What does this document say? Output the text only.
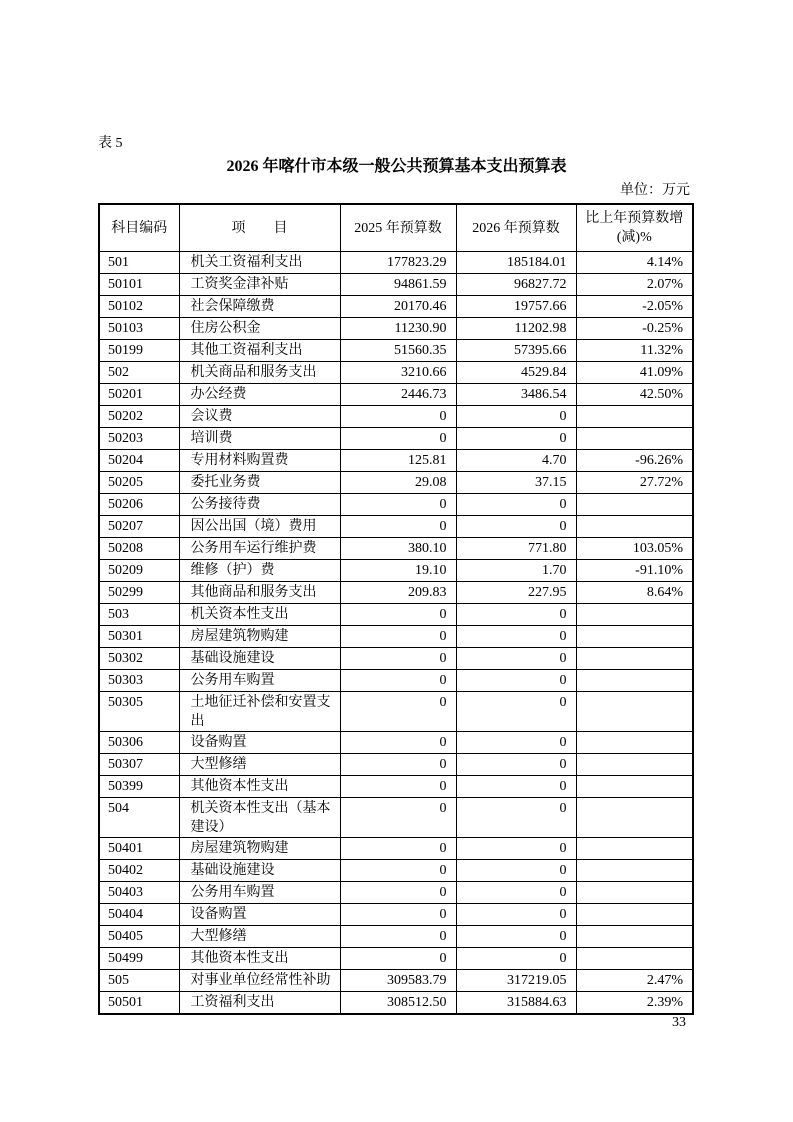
表 5
2026 年喀什市本级一般公共预算基本支出预算表
单位：万元
科目编码	项　　目	2025 年预算数	2026 年预算数	比上年预算数增(减)%
501	机关工资福利支出	177823.29	185184.01	4.14%
50101	工资奖金津补贴	94861.59	96827.72	2.07%
50102	社会保障缴费	20170.46	19757.66	-2.05%
50103	住房公积金	11230.90	11202.98	-0.25%
50199	其他工资福利支出	51560.35	57395.66	11.32%
502	机关商品和服务支出	3210.66	4529.84	41.09%
50201	办公经费	2446.73	3486.54	42.50%
50202	会议费	0	0	
50203	培训费	0	0	
50204	专用材料购置费	125.81	4.70	-96.26%
50205	委托业务费	29.08	37.15	27.72%
50206	公务接待费	0	0	
50207	因公出国（境）费用	0	0	
50208	公务用车运行维护费	380.10	771.80	103.05%
50209	维修（护）费	19.10	1.70	-91.10%
50299	其他商品和服务支出	209.83	227.95	8.64%
503	机关资本性支出	0	0	
50301	房屋建筑物购建	0	0	
50302	基础设施建设	0	0	
50303	公务用车购置	0	0	
50305	土地征迁补偿和安置支出	0	0	
50306	设备购置	0	0	
50307	大型修缮	0	0	
50399	其他资本性支出	0	0	
504	机关资本性支出（基本建设）	0	0	
50401	房屋建筑物购建	0	0	
50402	基础设施建设	0	0	
50403	公务用车购置	0	0	
50404	设备购置	0	0	
50405	大型修缮	0	0	
50499	其他资本性支出	0	0	
505	对事业单位经常性补助	309583.79	317219.05	2.47%
50501	工资福利支出	308512.50	315884.63	2.39%
33
